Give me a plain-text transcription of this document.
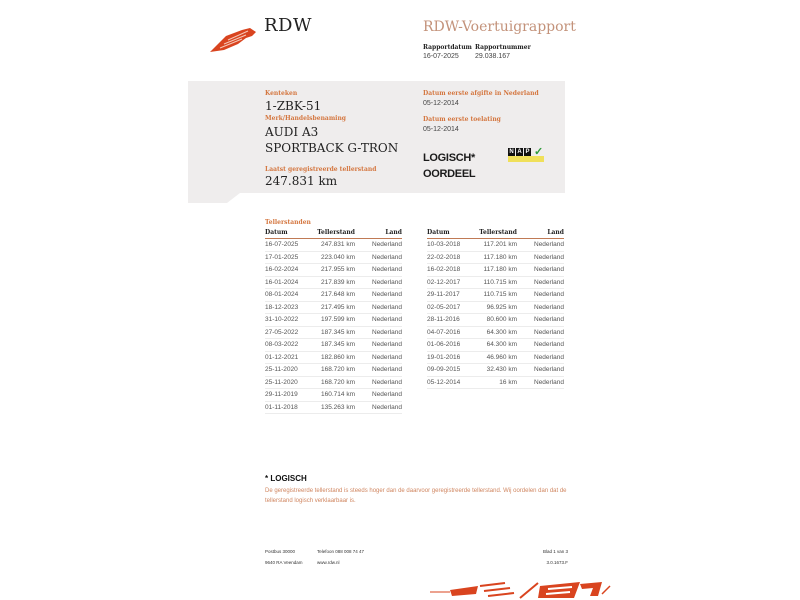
RDW	RDW-Voertuigrapport
Rapportdatum
16-07-2025
Rapportnummer
29.038.167
Kenteken
1-ZBK-51
Merk/Handelsbenaming
AUDI A3
SPORTBACK G-TRON
Laatst geregistreerde tellerstand
247.831 km
Datum eerste afgifte in Nederland
05-12-2014
Datum eerste toelating
05-12-2014
LOGISCH*
OORDEEL
N A P ✓
Tellerstanden
Datum	Tellerstand	Land
16-07-2025	247.831 km	Nederland
17-01-2025	223.040 km	Nederland
16-02-2024	217.955 km	Nederland
16-01-2024	217.839 km	Nederland
08-01-2024	217.648 km	Nederland
18-12-2023	217.495 km	Nederland
31-10-2022	197.599 km	Nederland
27-05-2022	187.345 km	Nederland
08-03-2022	187.345 km	Nederland
01-12-2021	182.860 km	Nederland
25-11-2020	168.720 km	Nederland
25-11-2020	168.720 km	Nederland
29-11-2019	160.714 km	Nederland
01-11-2018	135.263 km	Nederland
Datum	Tellerstand	Land
10-03-2018	117.201 km	Nederland
22-02-2018	117.180 km	Nederland
16-02-2018	117.180 km	Nederland
02-12-2017	110.715 km	Nederland
29-11-2017	110.715 km	Nederland
02-05-2017	96.925 km	Nederland
28-11-2016	80.600 km	Nederland
04-07-2016	64.300 km	Nederland
01-06-2016	64.300 km	Nederland
19-01-2016	46.960 km	Nederland
09-09-2015	32.430 km	Nederland
05-12-2014	16 km	Nederland
* LOGISCH
De geregistreerde tellerstand is steeds hoger dan de daarvoor geregistreerde tellerstand. Wij oordelen dan dat de tellerstand logisch verklaarbaar is.
Postbus 30000
9640 RA Veendam
Telefoon 088 008 74 47
www.rdw.nl
Blad 1 van 3
3.0.1673.F
